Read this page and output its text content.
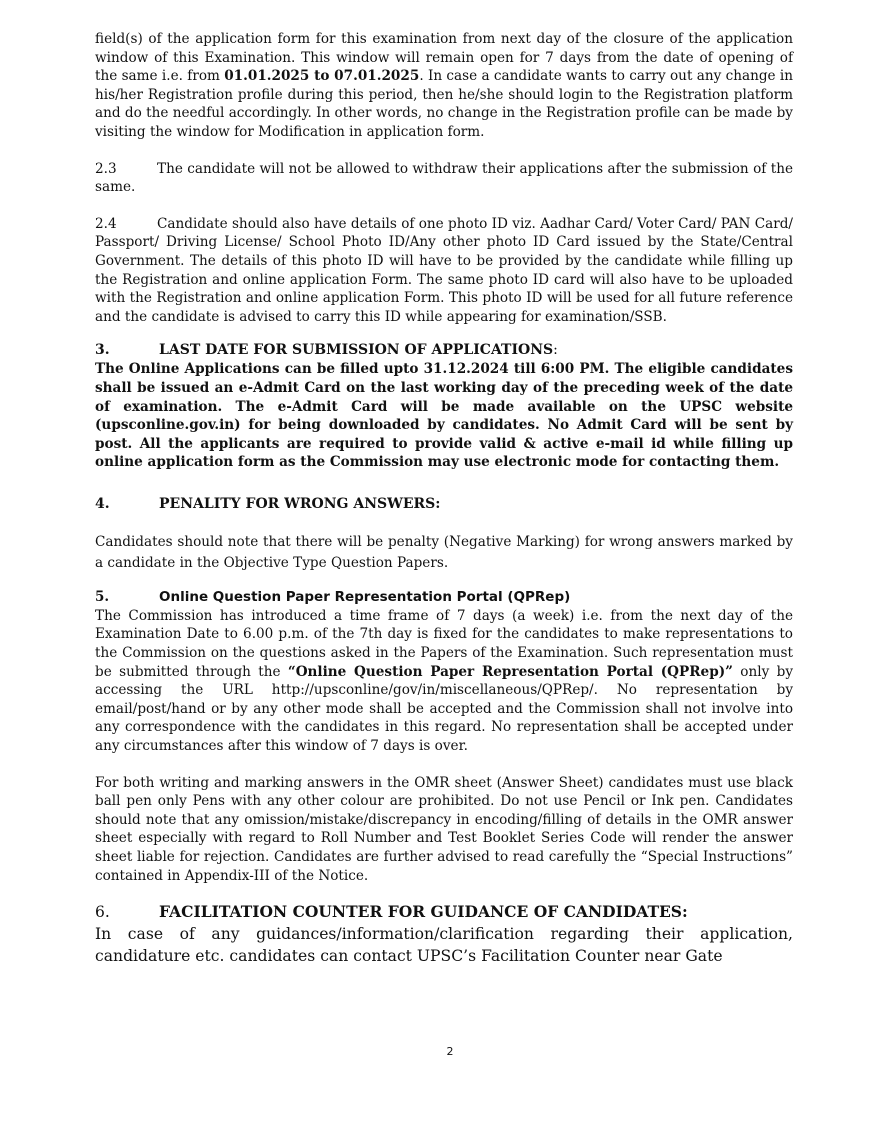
field(s) of the application form for this examination from next day of the closure of the application window of this Examination. This window will remain open for 7 days from the date of opening of the same i.e. from 01.01.2025 to 07.01.2025. In case a candidate wants to carry out any change in his/her Registration profile during this period, then he/she should login to the Registration platform and do the needful accordingly. In other words, no change in the Registration profile can be made by visiting the window for Modification in application form.

2.3	The candidate will not be allowed to withdraw their applications after the submission of the same.

2.4	Candidate should also have details of one photo ID viz. Aadhar Card/ Voter Card/ PAN Card/ Passport/ Driving License/ School Photo ID/Any other photo ID Card issued by the State/Central Government. The details of this photo ID will have to be provided by the candidate while filling up the Registration and online application Form. The same photo ID card will also have to be uploaded with the Registration and online application Form. This photo ID will be used for all future reference and the candidate is advised to carry this ID while appearing for examination/SSB.

3.	LAST DATE FOR SUBMISSION OF APPLICATIONS:

The Online Applications can be filled upto 31.12.2024 till 6:00 PM. The eligible candidates shall be issued an e-Admit Card on the last working day of the preceding week of the date of examination. The e-Admit Card will be made available on the UPSC website (upsconline.gov.in) for being downloaded by candidates. No Admit Card will be sent by post. All the applicants are required to provide valid & active e-mail id while filling up online application form as the Commission may use electronic mode for contacting them.

4.	PENALITY FOR WRONG ANSWERS:

Candidates should note that there will be penalty (Negative Marking) for wrong answers marked by a candidate in the Objective Type Question Papers.

5.	Online Question Paper Representation Portal (QPRep)

The Commission has introduced a time frame of 7 days (a week) i.e. from the next day of the Examination Date to 6.00 p.m. of the 7th day is fixed for the candidates to make representations to the Commission on the questions asked in the Papers of the Examination. Such representation must be submitted through the “Online Question Paper Representation Portal (QPRep)” only by accessing the URL http://upsconline/gov/in/miscellaneous/QPRep/. No representation by email/post/hand or by any other mode shall be accepted and the Commission shall not involve into any correspondence with the candidates in this regard. No representation shall be accepted under any circumstances after this window of 7 days is over.

For both writing and marking answers in the OMR sheet (Answer Sheet) candidates must use black ball pen only Pens with any other colour are prohibited. Do not use Pencil or Ink pen. Candidates should note that any omission/mistake/discrepancy in encoding/filling of details in the OMR answer sheet especially with regard to Roll Number and Test Booklet Series Code will render the answer sheet liable for rejection. Candidates are further advised to read carefully the “Special Instructions” contained in Appendix-III of the Notice.

6.	FACILITATION COUNTER FOR GUIDANCE OF CANDIDATES:

In case of any guidances/information/clarification regarding their application, candidature etc. candidates can contact UPSC’s Facilitation Counter near Gate

2
